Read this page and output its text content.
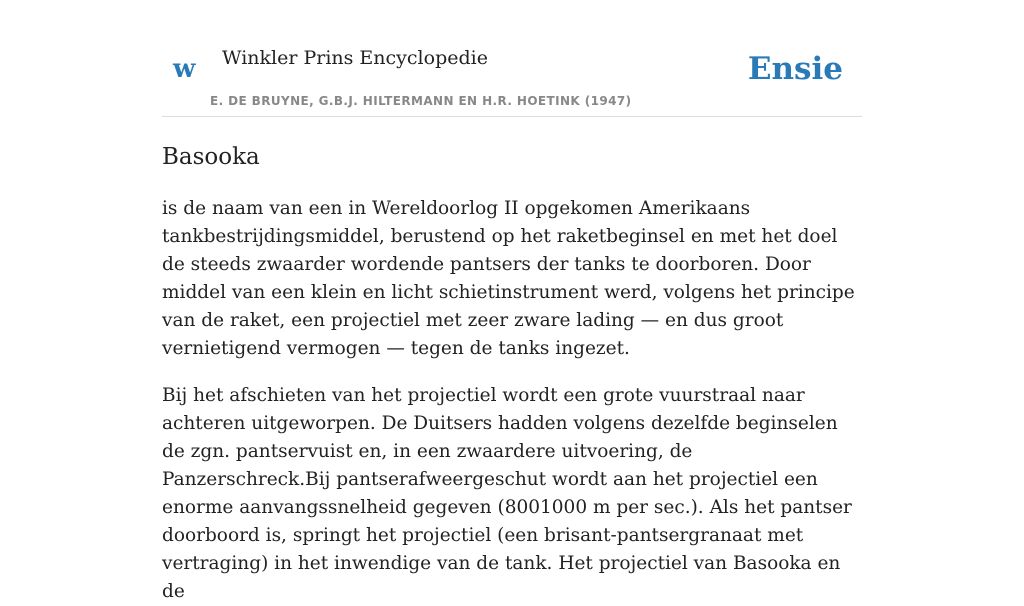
w Winkler Prins Encyclopedie
E. DE BRUYNE, G.B.J. HILTERMANN EN H.R. HOETINK (1947)
Ensie
Basooka

is de naam van een in Wereldoorlog II opgekomen Amerikaans tankbestrijdingsmiddel, berustend op het raketbeginsel en met het doel de steeds zwaarder wordende pantsers der tanks te doorboren. Door middel van een klein en licht schietinstrument werd, volgens het principe van de raket, een projectiel met zeer zware lading — en dus groot vernietigend vermogen — tegen de tanks ingezet.

Bij het afschieten van het projectiel wordt een grote vuurstraal naar achteren uitgeworpen. De Duitsers hadden volgens dezelfde beginselen de zgn. pantservuist en, in een zwaardere uitvoering, de Panzerschreck.Bij pantserafweergeschut wordt aan het projectiel een enorme aanvangssnelheid gegeven (8001000 m per sec.). Als het pantser doorboord is, springt het projectiel (een brisant-pantsergranaat met vertraging) in het inwendige van de tank. Het projectiel van Basooka en de
